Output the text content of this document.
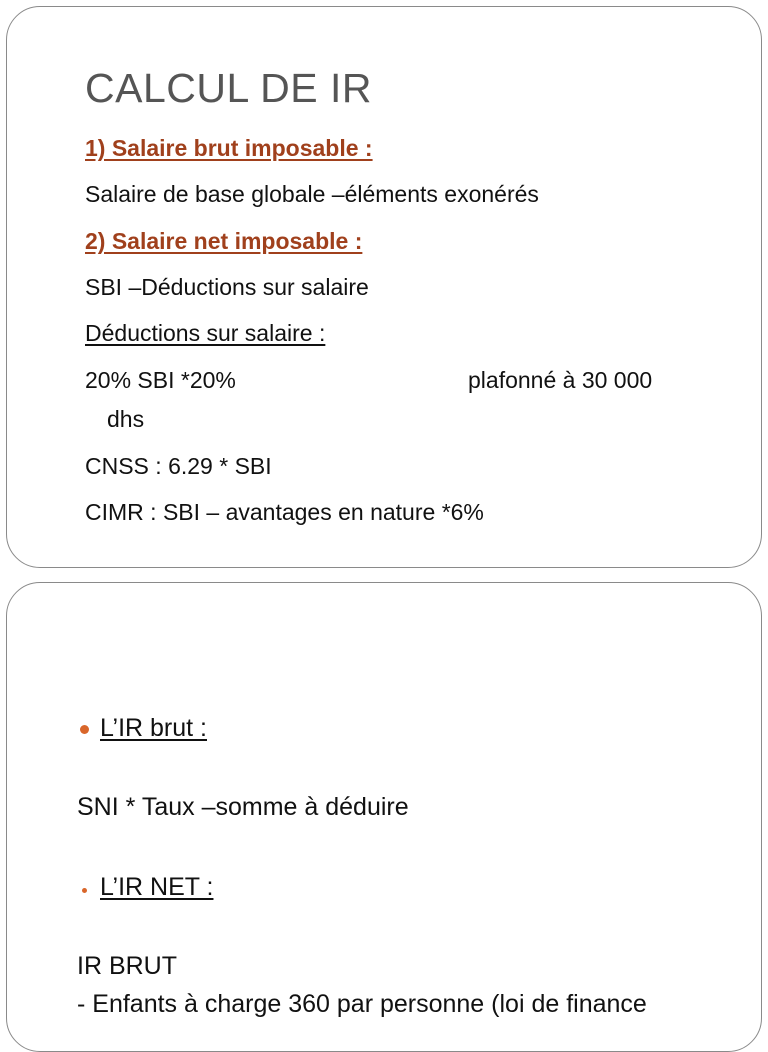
CALCUL DE IR
1) Salaire brut imposable :
Salaire de base globale –éléments exonérés
2) Salaire net imposable :
SBI –Déductions sur salaire
Déductions sur salaire :
20% SBI *20%	plafonné à 30 000
dhs
CNSS : 6.29 * SBI
CIMR : SBI – avantages en nature *6%
L’IR brut :
SNI * Taux –somme à déduire
L’IR NET :
IR BRUT
- Enfants à charge 360 par personne (loi de finance
